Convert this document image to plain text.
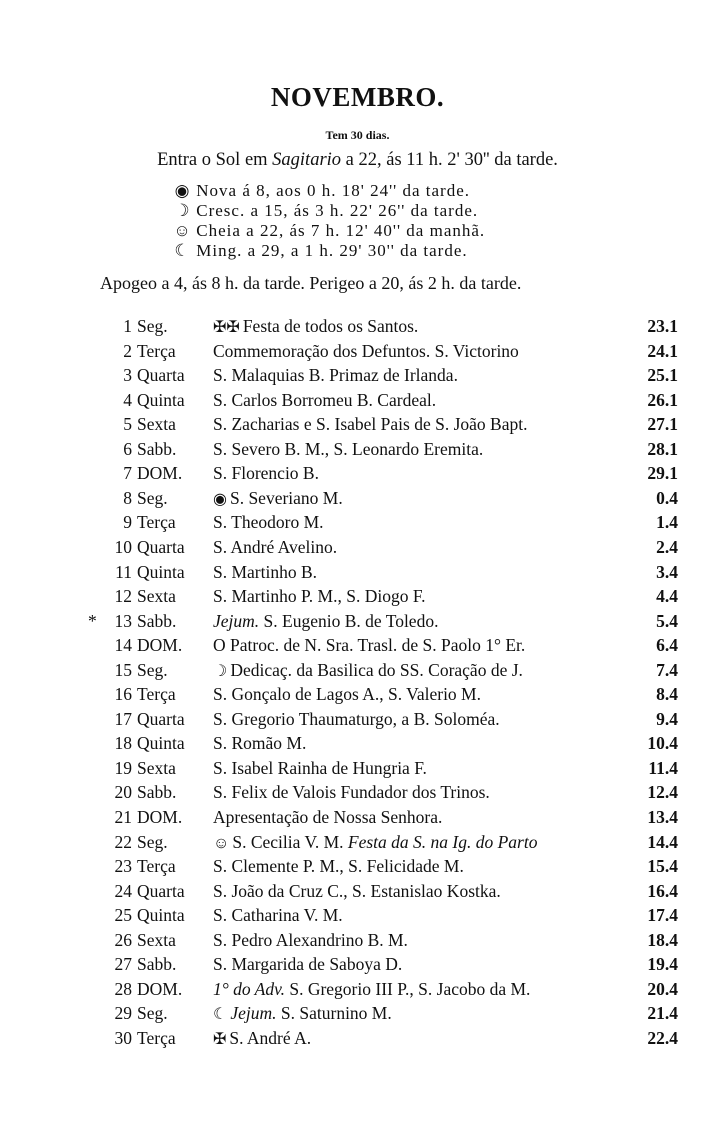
NOVEMBRO.
Tem 30 dias.
Entra o Sol em Sagitario a 22, ás 11 h. 2' 30'' da tarde.
◉ Nova á 8, aos 0 h. 18' 24'' da tarde.
☽ Cresc. a 15, ás 3 h. 22' 26'' da tarde.
☺ Cheia a 22, ás 7 h. 12' 40'' da manhã.
☾ Ming. a 29, a 1 h. 29' 30'' da tarde.
Apogeo a 4, ás 8 h. da tarde. Perigeo a 20, ás 2 h. da tarde.
1 Seg.	✠✠ Festa de todos os Santos.	23.1
2 Terça Commemoração dos Defuntos. S. Victorino	24.1
3 Quarta S. Malaquias B. Primaz de Irlanda.	25.1
4 Quinta S. Carlos Borromeu B. Cardeal.	26.1
5 Sexta S. Zacharias e S. Isabel Pais de S. João Bapt.	27.1
6 Sabb. S. Severo B. M., S. Leonardo Eremita.	28.1
7 DOM. S. Florencio B.	29.1
8 Seg.	◉ S. Severiano M.	0.4
9 Terça S. Theodoro M.	1.4
10 Quarta S. André Avelino.	2.4
11 Quinta S. Martinho B.	3.4
12 Sexta S. Martinho P. M., S. Diogo F.	4.4
*	13 Sabb. Jejum. S. Eugenio B. de Toledo.	5.4
14 DOM. O Patroc. de N. Sra. Trasl. de S. Paolo 1° Er.	6.4
15 Seg.	☽ Dedicaç. da Basilica do SS. Coração de J.	7.4
16 Terça S. Gonçalo de Lagos A., S. Valerio M.	8.4
17 Quarta S. Gregorio Thaumaturgo, a B. Soloméa.	9.4
18 Quinta S. Romão M.	10.4
19 Sexta S. Isabel Rainha de Hungria F.	11.4
20 Sabb. S. Felix de Valois Fundador dos Trinos.	12.4
21 DOM. Apresentação de Nossa Senhora.	13.4
22 Seg.	☺ S. Cecilia V. M. Festa da S. na Ig. do Parto	14.4
23 Terça S. Clemente P. M., S. Felicidade M.	15.4
24 Quarta S. João da Cruz C., S. Estanislao Kostka.	16.4
25 Quinta S. Catharina V. M.	17.4
26 Sexta S. Pedro Alexandrino B. M.	18.4
27 Sabb. S. Margarida de Saboya D.	19.4
28 DOM. 1° do Adv. S. Gregorio III P., S. Jacobo da M.	20.4
29 Seg.	☾ Jejum. S. Saturnino M.	21.4
30 Terça ✠ S. André A.	22.4
